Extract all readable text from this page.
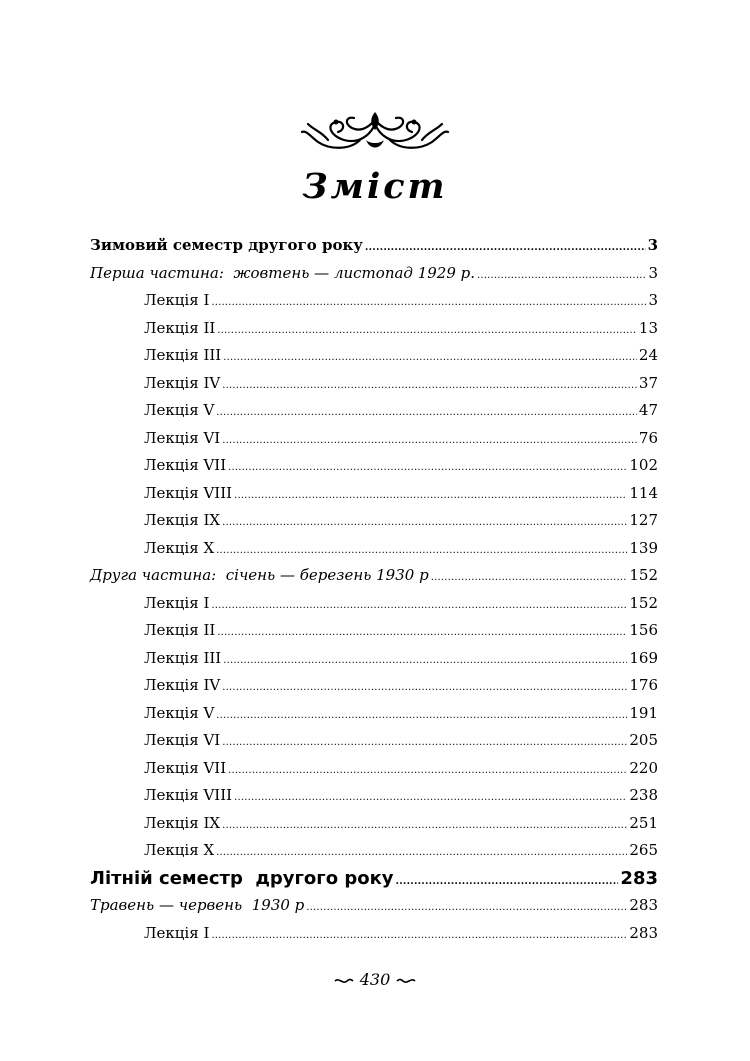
Зміст
Зимовий семестр другого року .....	3
Перша частина:  жовтень — листопад 1929 р. .....	3
Лекція I .....	3
Лекція II .....	13
Лекція III .....	24
Лекція IV .....	37
Лекція V .....	47
Лекція VI .....	76
Лекція VII .....	102
Лекція VIII .....	114
Лекція IX .....	127
Лекція X .....	139
Друга частина:  січень — березень 1930 р .....	152
Лекція I .....	152
Лекція II .....	156
Лекція III .....	169
Лекція IV .....	176
Лекція V .....	191
Лекція VI .....	205
Лекція VII .....	220
Лекція VIII .....	238
Лекція IX .....	251
Лекція X .....	265
Літній семестр  другого року .....	283
Травень — червень  1930 р .....	283
Лекція I .....	283
430
